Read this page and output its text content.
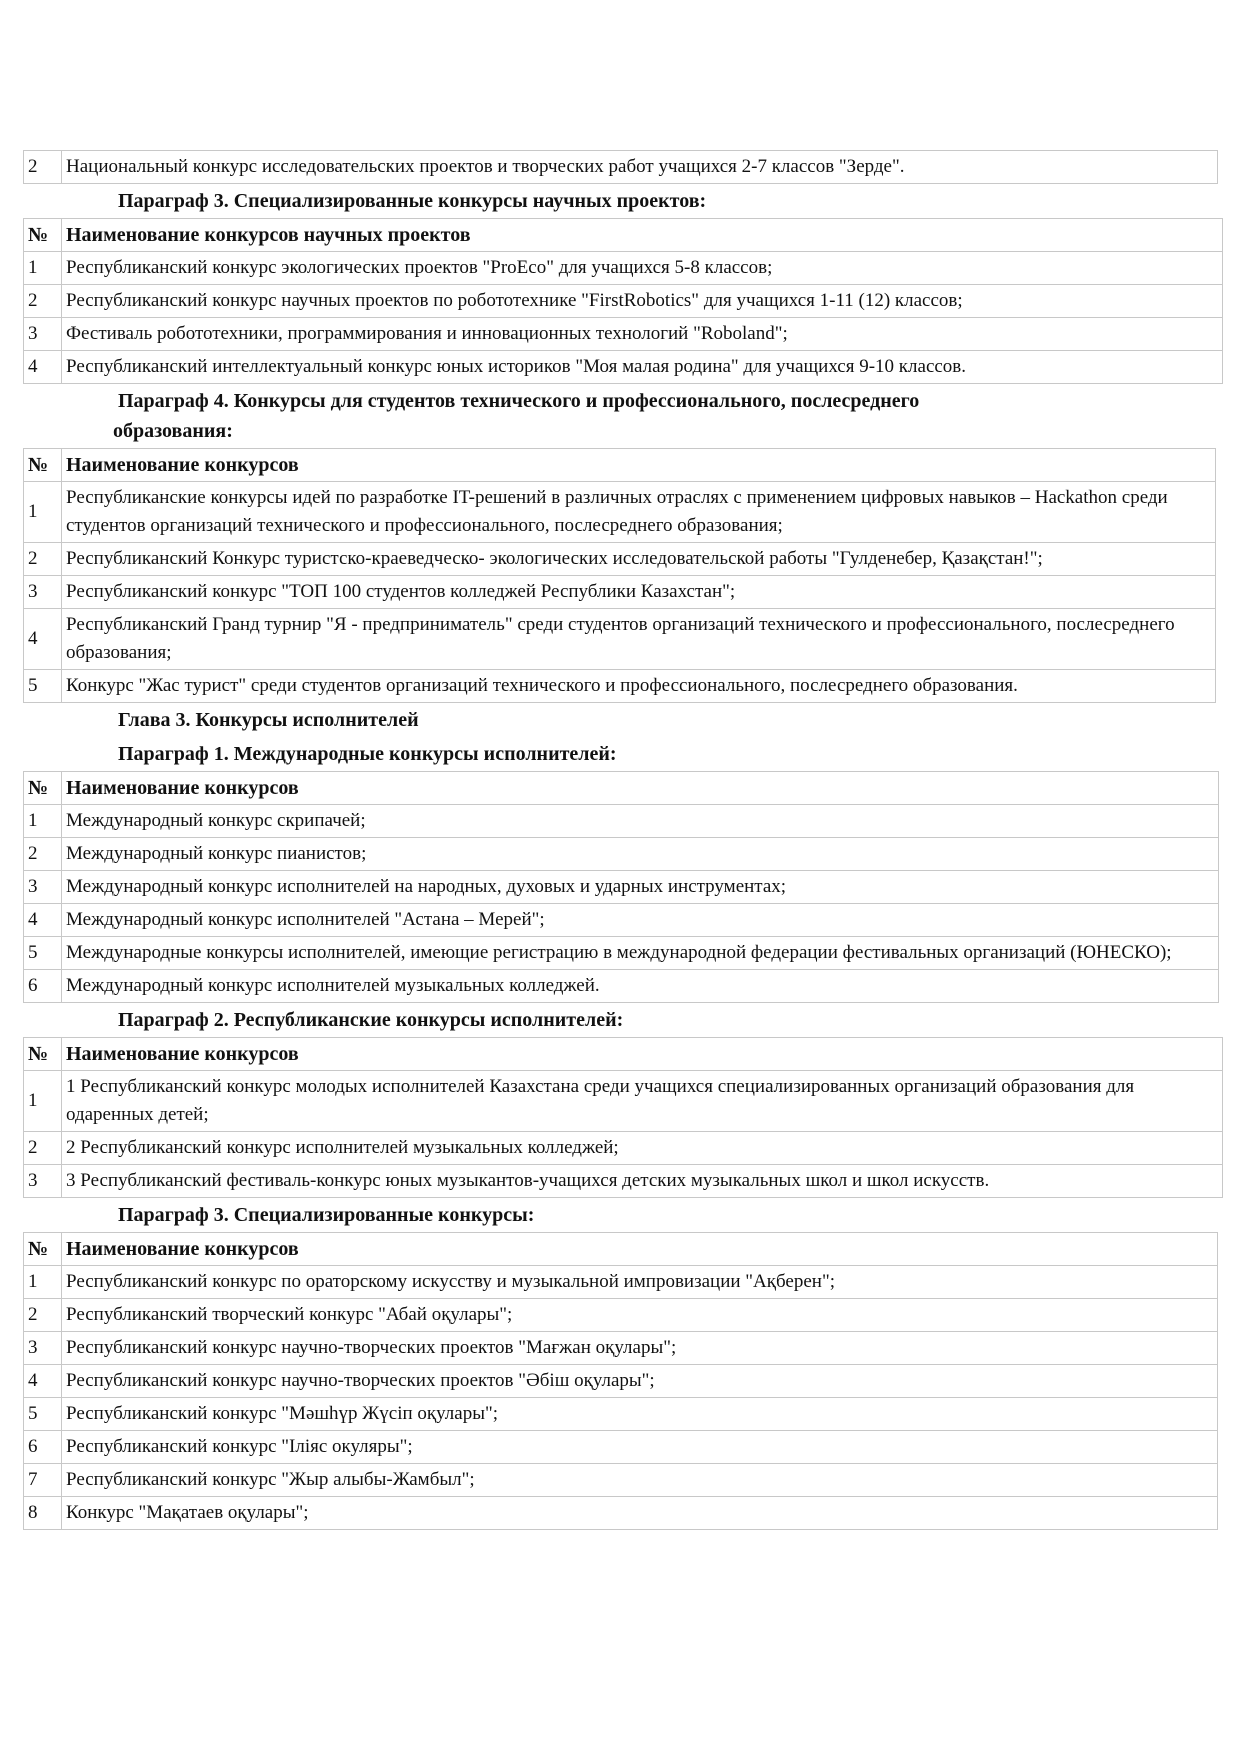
2	Национальный конкурс исследовательских проектов и творческих работ учащихся 2-7 классов "Зерде".
Параграф 3. Специализированные конкурсы научных проектов:
№	Наименование конкурсов научных проектов
1	Республиканский конкурс экологических проектов "ProEco" для учащихся 5-8 классов;
2	Республиканский конкурс научных проектов по робототехнике "FirstRobotics" для учащихся 1-11 (12) классов;
3	Фестиваль робототехники, программирования и инновационных технологий "Roboland";
4	Республиканский интеллектуальный конкурс юных историков "Моя малая родина" для учащихся 9-10 классов.
Параграф 4. Конкурсы для студентов технического и профессионального, послесреднего
образования:
№	Наименование конкурсов
1	Республиканские конкурсы идей по разработке IT-решений в различных отраслях с применением цифровых навыков – Hackathon среди студентов организаций технического и профессионального, послесреднего образования;
2	Республиканский Конкурс туристско-краеведческо- экологических исследовательской работы "Гулденебер, Қазақстан!";
3	Республиканский конкурс "ТОП 100 студентов колледжей Республики Казахстан";
4	Республиканский Гранд турнир "Я - предприниматель" среди студентов организаций технического и профессионального, послесреднего образования;
5	Конкурс "Жас турист" среди студентов организаций технического и профессионального, послесреднего образования.
Глава 3. Конкурсы исполнителей
Параграф 1. Международные конкурсы исполнителей:
№	Наименование конкурсов
1	Международный конкурс скрипачей;
2	Международный конкурс пианистов;
3	Международный конкурс исполнителей на народных, духовых и ударных инструментах;
4	Международный конкурс исполнителей "Астана – Мерей";
5	Международные конкурсы исполнителей, имеющие регистрацию в международной федерации фестивальных организаций (ЮНЕСКО);
6	Международный конкурс исполнителей музыкальных колледжей.
Параграф 2. Республиканские конкурсы исполнителей:
№	Наименование конкурсов
1	1 Республиканский конкурс молодых исполнителей Казахстана среди учащихся специализированных организаций образования для одаренных детей;
2	2 Республиканский конкурс исполнителей музыкальных колледжей;
3	3 Республиканский фестиваль-конкурс юных музыкантов-учащихся детских музыкальных школ и школ искусств.
Параграф 3. Специализированные конкурсы:
№	Наименование конкурсов
1	Республиканский конкурс по ораторскому искусству и музыкальной импровизации "Ақберен";
2	Республиканский творческий конкурс "Абай оқулары";
3	Республиканский конкурс научно-творческих проектов "Мағжан оқулары";
4	Республиканский конкурс научно-творческих проектов "Әбіш оқулары";
5	Республиканский конкурс "Мәшһүр Жүсіп оқулары";
6	Республиканский конкурс "Іліяс окуляры";
7	Республиканский конкурс "Жыр алыбы-Жамбыл";
8	Конкурс "Мақатаев оқулары";
